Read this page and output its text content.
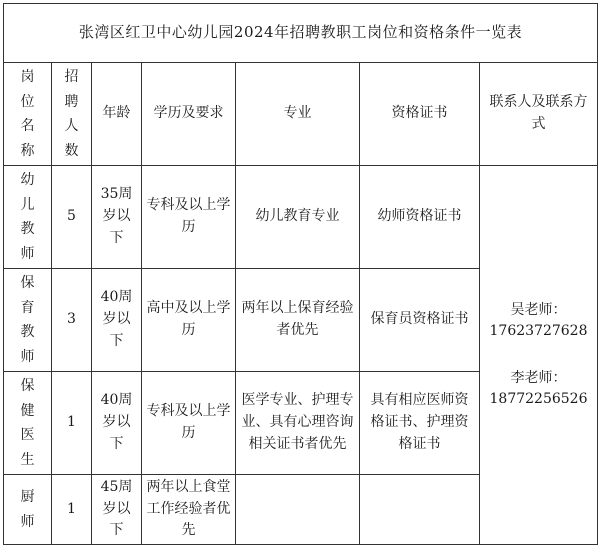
张湾区红卫中心幼儿园2024年招聘教职工岗位和资格条件一览表						

岗位名称	招聘人数	年龄	学历及要求	专业	资格证书	联系人及联系方式

幼儿教师	5	35周岁以下	专科及以上学历	幼儿教育专业	幼师资格证书	吴老师：
17623727628
李老师：
18772256526

保育教师	3	40周岁以下	高中及以上学历	两年以上保育经验者优先	保育员资格证书	

保健医生	1	40周岁以下	专科及以上学历	医学专业、护理专业、具有心理咨询相关证书者优先	具有相应医师资格证书、护理资格证书	

厨师	1	45周岁以下	两年以上食堂工作经验者优先			
